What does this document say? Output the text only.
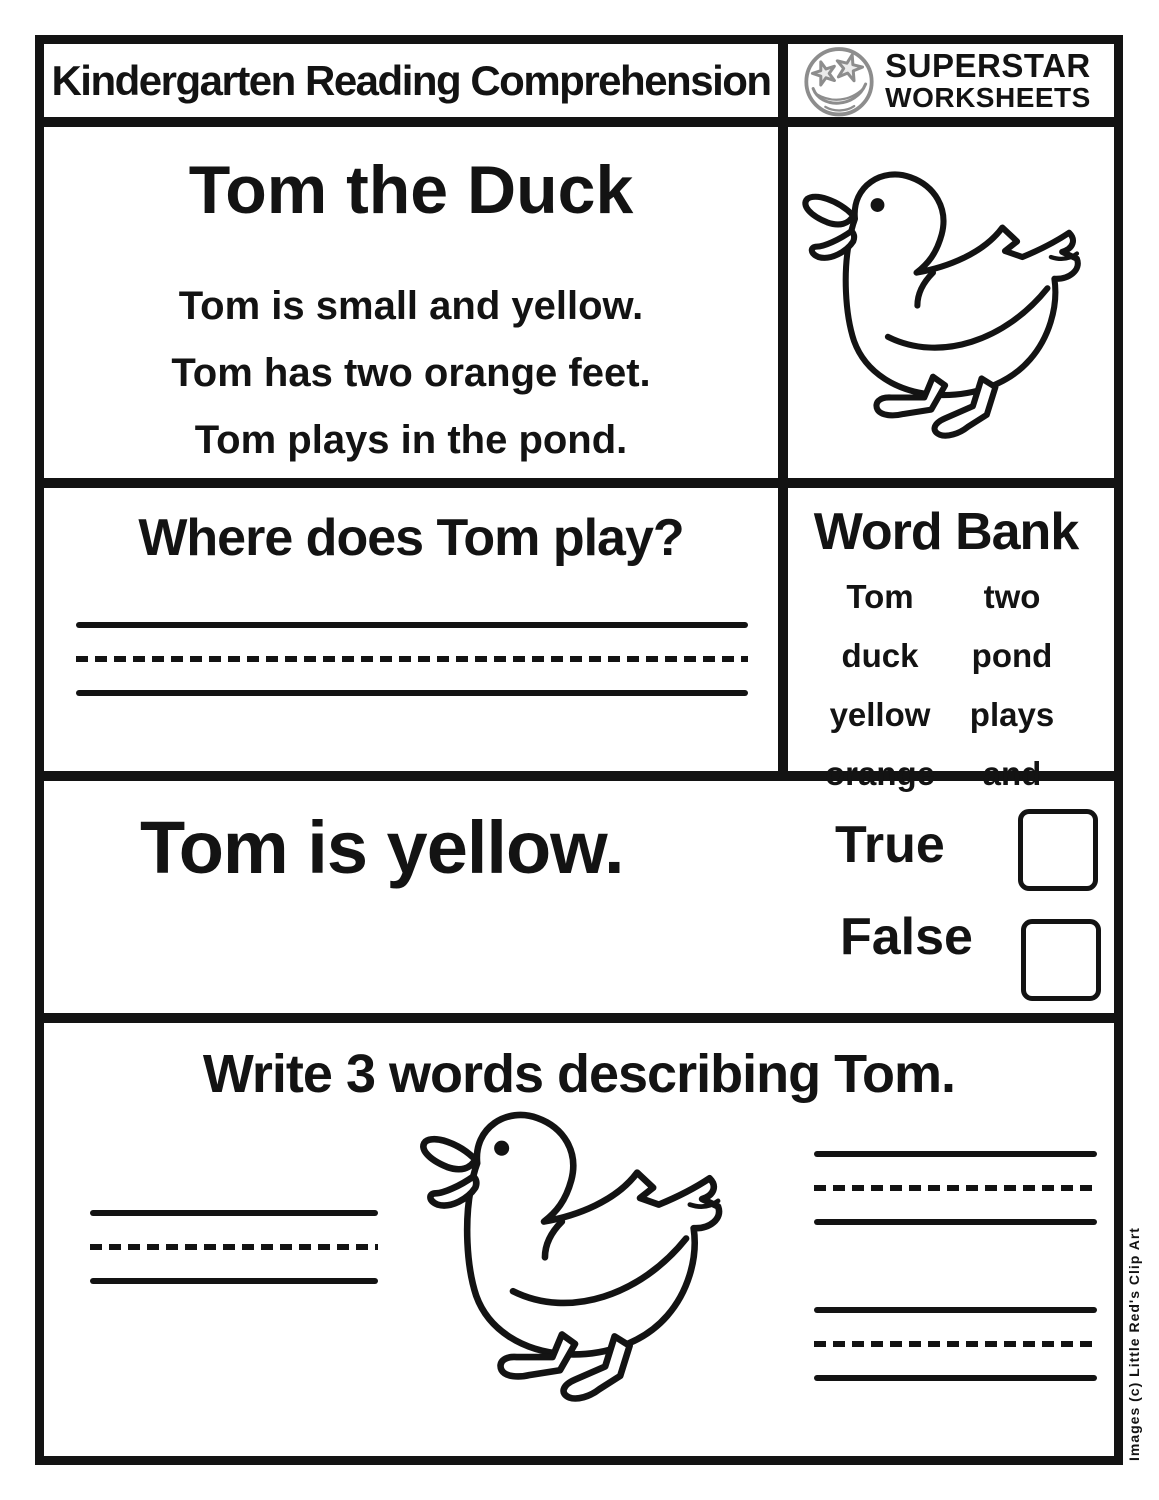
Kindergarten Reading Comprehension	SUPERSTAR
WORKSHEETS
Tom the Duck
Tom is small and yellow.
Tom has two orange feet.
Tom plays in the pond.
Where does Tom play?	Word Bank
Tom two
duck pond
yellow plays
orange and
Tom is yellow.	True
False
Write 3 words describing Tom.
Images (c) Little Red's Clip Art
